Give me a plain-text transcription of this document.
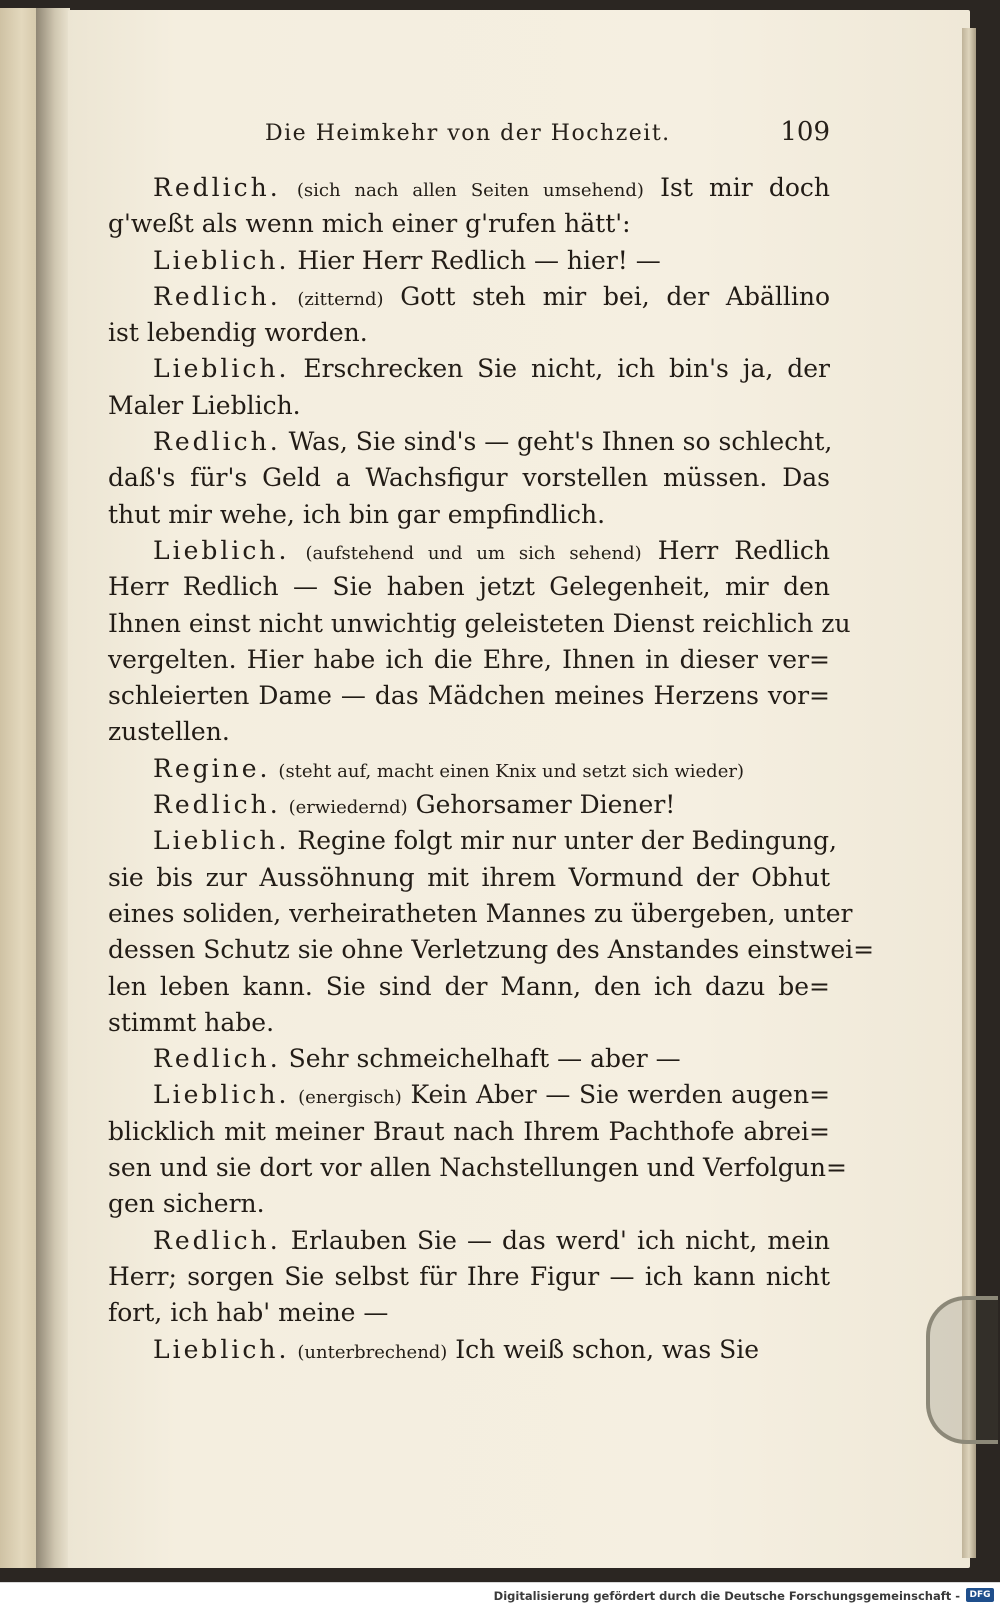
Die Heimkehr von der Hochzeit.	109
Redlich. (sich nach allen Seiten umsehend) Ist mir doch
g'weßt als wenn mich einer g'rufen hätt':
Lieblich. Hier Herr Redlich — hier! —
Redlich. (zitternd) Gott steh mir bei, der Abällino
ist lebendig worden.
Lieblich. Erschrecken Sie nicht, ich bin's ja, der
Maler Lieblich.
Redlich. Was, Sie sind's — geht's Ihnen so schlecht,
daß's für's Geld a Wachsfigur vorstellen müssen. Das
thut mir wehe, ich bin gar empfindlich.
Lieblich. (aufstehend und um sich sehend) Herr Redlich
Herr Redlich — Sie haben jetzt Gelegenheit, mir den
Ihnen einst nicht unwichtig geleisteten Dienst reichlich zu
vergelten. Hier habe ich die Ehre, Ihnen in dieser ver=
schleierten Dame — das Mädchen meines Herzens vor=
zustellen.
Regine. (steht auf, macht einen Knix und setzt sich wieder)
Redlich. (erwiedernd) Gehorsamer Diener!
Lieblich. Regine folgt mir nur unter der Bedingung,
sie bis zur Aussöhnung mit ihrem Vormund der Obhut
eines soliden, verheiratheten Mannes zu übergeben, unter
dessen Schutz sie ohne Verletzung des Anstandes einstwei=
len leben kann. Sie sind der Mann, den ich dazu be=
stimmt habe.
Redlich. Sehr schmeichelhaft — aber —
Lieblich. (energisch) Kein Aber — Sie werden augen=
blicklich mit meiner Braut nach Ihrem Pachthofe abrei=
sen und sie dort vor allen Nachstellungen und Verfolgun=
gen sichern.
Redlich. Erlauben Sie — das werd' ich nicht, mein
Herr; sorgen Sie selbst für Ihre Figur — ich kann nicht
fort, ich hab' meine —
Lieblich. (unterbrechend) Ich weiß schon, was Sie
Digitalisierung gefördert durch die Deutsche Forschungsgemeinschaft -	DFG
